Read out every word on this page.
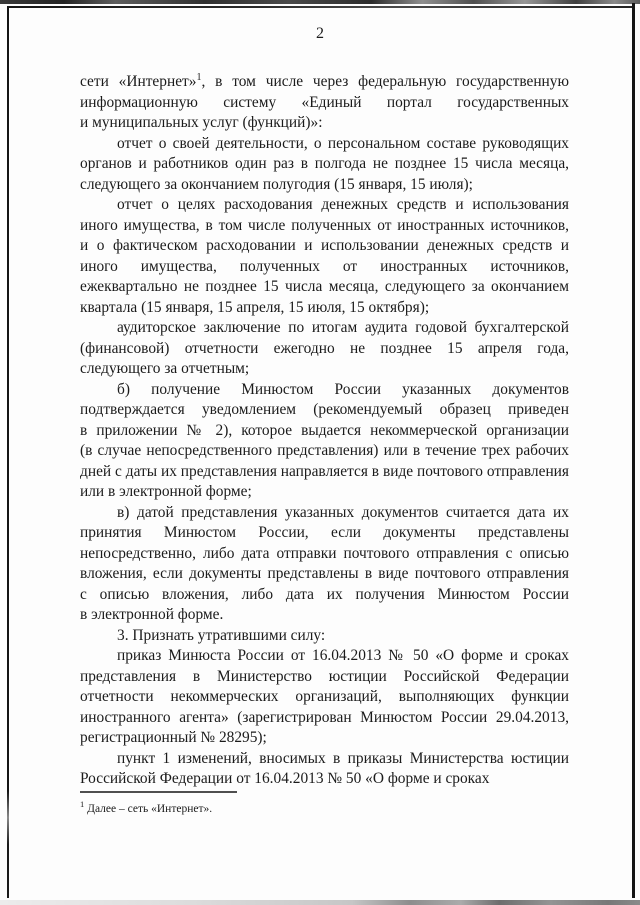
2

сети «Интернет»$^1$, в том числе через федеральную государственную информационную систему «Единый портал государственных и муниципальных услуг (функций)»:

отчет о своей деятельности, о персональном составе руководящих органов и работников один раз в полгода не позднее 15 числа месяца, следующего за окончанием полугодия (15 января, 15 июля);

отчет о целях расходования денежных средств и использования иного имущества, в том числе полученных от иностранных источников, и о фактическом расходовании и использовании денежных средств и иного имущества, полученных от иностранных источников, ежеквартально не позднее 15 числа месяца, следующего за окончанием квартала (15 января, 15 апреля, 15 июля, 15 октября);

аудиторское заключение по итогам аудита годовой бухгалтерской (финансовой) отчетности ежегодно не позднее 15 апреля года, следующего за отчетным;

б) получение Минюстом России указанных документов подтверждается уведомлением (рекомендуемый образец приведен в приложении № 2), которое выдается некоммерческой организации (в случае непосредственного представления) или в течение трех рабочих дней с даты их представления направляется в виде почтового отправления или в электронной форме;

в) датой представления указанных документов считается дата их принятия Минюстом России, если документы представлены непосредственно, либо дата отправки почтового отправления с описью вложения, если документы представлены в виде почтового отправления с описью вложения, либо дата их получения Минюстом России в электронной форме.

3. Признать утратившими силу:

приказ Минюста России от 16.04.2013 № 50 «О форме и сроках представления в Министерство юстиции Российской Федерации отчетности некоммерческих организаций, выполняющих функции иностранного агента» (зарегистрирован Минюстом России 29.04.2013, регистрационный № 28295);

пункт 1 изменений, вносимых в приказы Министерства юстиции Российской Федерации от 16.04.2013 № 50 «О форме и сроках

$^1$ Далее – сеть «Интернет».
